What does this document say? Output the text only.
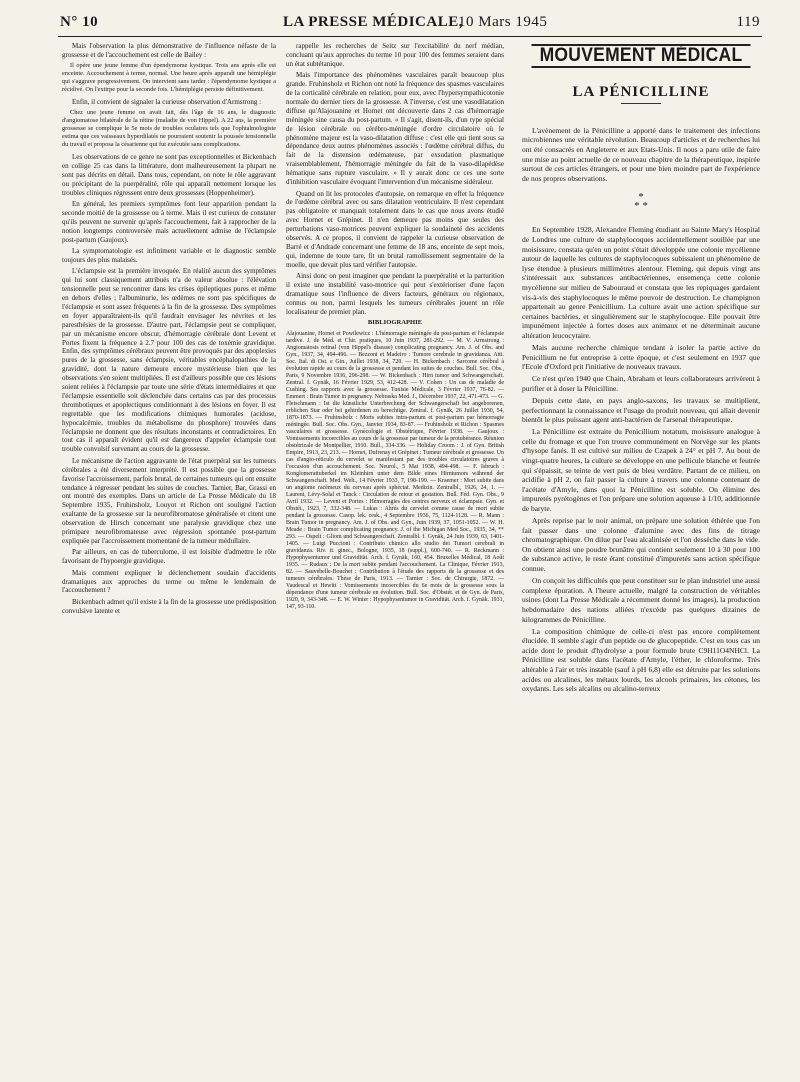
N° 10	LA PRESSE MÉDICALE,
10 Mars 1945	119

Mais l'observation la plus démonstrative de l'influence néfaste de la grossesse et de l'accouchement est celle de Bailey :

Il opère une jeune femme d'un épendymome kystique. Trois ans après elle est enceinte. Accouchement à terme, normal. Une heure après apparaît une hémiplégie qui s'aggrave progressivement. On intervient sans tarder : l'épendymome kystique a récidivé. On l'extirpe pour la seconde fois. L'hémiplégie persiste définitivement.

Enfin, il convient de signaler la curieuse observation d'Armstrong :

Chez une jeune femme on avait fait, dès l'âge de 16 ans, le diagnostic d'angiomatose bilatérale de la rétine (maladie de von Hippel). A 22 ans, la première grossesse se complique le 5e mois de troubles oculaires tels que l'ophtalmologiste estima que ces vaisseaux hyperdilatés ne pourraient soutenir la poussée tensionnelle du travail et proposa la césarienne qui fut exécutée sans complications.

Les observations de ce genre ne sont pas exceptionnelles et Bickenbach en collige 25 cas dans la littérature, dont malheureusement la plupart ne sont pas décrits en détail. Dans tous, cependant, on note le rôle aggravant ou précipitant de la puerpéralité, rôle qui apparaît nettement lorsque les troubles cliniques régressent entre deux grossesses (Hoppenheimer).

En général, les premiers symptômes font leur apparition pendant la seconde moitié de la grossesse ou à terme. Mais il est curieux de constater qu'ils peuvent ne survenir qu'après l'accouchement, fait à rapprocher de la notion longtemps controversée mais actuellement admise de l'éclampsie post-partum (Gaujoux).

La symptomatologie est infiniment variable et le diagnostic semble toujours des plus malaisés.

L'éclampsie est la première invoquée. En réalité aucun des symptômes qui lui sont classiquement attribués n'a de valeur absolue : l'élévation tensionnelle peut se rencontrer dans les crises épileptiques pures et même en dehors d'elles ; l'albuminurie, les œdèmes ne sont pas spécifiques de l'éclampsie et sont assez fréquents à la fin de la grossesse. Des symptômes en foyer apparaîtraient-ils qu'il faudrait envisager les névrites et les paresthésies de la grossesse. D'autre part, l'éclampsie peut se compliquer, par un mécanisme encore obscur, d'hémorragie cérébrale dont Levent et Portes fixent la fréquence à 2.7 pour 100 des cas de toxémie gravidique. Enfin, des symptômes cérébraux peuvent être provoqués par des apoplexies pures de la grossesse, sans éclampsie, véritables encéphalopathies de la gravidité, dont la nature demeure encore mystérieuse bien que les observations s'en soient multipliées. Il est d'ailleurs possible que ces lésions soient reliées à l'éclampsie par toute une série d'états intermédiaires et que l'éclampsie essentielle soit déclenchée dans certains cas par des processus thrombotiques et apoplectiques conditionnant à des lésions en foyer. Il est regrettable que les modifications chimiques humorales (acidose, hypocalcémie, troubles du métabolisme du phosphore) trouvées dans l'éclampsie ne donnent que des résultats inconstants et contradictoires. En tout cas il apparaît évident qu'il est dangereux d'appeler éclampsie tout trouble convulsif survenant au cours de la grossesse.

Le mécanisme de l'action aggravante de l'état puerpéral sur les tumeurs cérébrales a été diversement interprété. Il est possible que la grossesse favorise l'accroissement, parfois brutal, de certaines tumeurs qui ont ensuite tendance à régresser pendant les suites de couches. Tarnier, Bar, Grassi en ont montré des exemples. Dans un article de La Presse Médicale du 18 Septembre 1935, Fruhinsholz, Louyot et Richon ont souligné l'action exaltante de la grossesse sur la neurofibromatose généralisée et citent une observation de Hirsch concernant une paralysie gravidique chez une primipare neurofibromateuse avec régression spontanée post-partum expliquée par l'accroissement momentané de la tumeur médullaire.

Par ailleurs, en cas de tuberculome, il est loisible d'admettre le rôle favorisant de l'hypoergie gravidique.

Mais comment expliquer le déclenchement soudain d'accidents dramatiques aux approches du terme ou même le lendemain de l'accouchement ?

Bickenbach admet qu'il existe à la fin de la grossesse une prédisposition convulsive latente et

rappelle les recherches de Seitz sur l'excitabilité du nerf médian, concluant qu'aux approches du terme 10 pour 100 des femmes seraient dans un état subtétanique.

Mais l'importance des phénomènes vasculaires paraît beaucoup plus grande. Fruhinsholz et Richon ont noté la fréquence des spasmes vasculaires de la corticalité cérébrale en relation, pour eux, avec l'hypersympathicotonie normale du dernier tiers de la grossesse. A l'inverse, c'est une vasodilatation diffuse qu'Alajouanine et Hornet ont découverte dans 2 cas d'hémorragie méningée sine causa du post-partum. « Il s'agit, disent-ils, d'un type spécial de lésion cérébrale ou cérébro-méningée d'ordre circulatoire où le phénomène majeur est la vaso-dilatation diffuse : c'est elle qui tient sous sa dépendance deux autres phénomènes associés : l'œdème cérébral diffus, du fait de la distension œdémateuse, par exsudation plasmatique vraisemblablement, l'hémorragie méningée du fait de la vaso-dilapédèse hématique sans rupture vasculaire. » Il y aurait donc ce ces une sorte d'inhibition vasculaire évoquant l'intervention d'un mécanisme sidéraleur.

Quand on lit les protocoles d'autopsie, on remarque en effet la fréquence de l'œdème cérébral avec ou sans dilatation ventriculaire. Il n'est cependant pas obligatoire et manquait totalement dans le cas que nous avons étudié avec Hornet et Grépinet. Il n'en demeure pas moins que seules des perturbations vaso-motrices peuvent expliquer la soudaineté des accidents observés. A ce propos, il convient de rappeler la curieuse observation de Barré et d'Andrade concernant une femme de 18 ans, enceinte de sept mois, qui, indemne de toute tare, fit un brutal ramollissement segmentaire de la moelle, que devait plus tard vérifier l'autopsie.

Ainsi donc on peut imaginer que pendant la puerpéralité et la parturition il existe une instabilité vaso-motrice qui peut s'extérioriser d'une façon dramatique sous l'influence de divers facteurs, généraux ou régionaux, connus ou non, parmi lesquels les tumeurs cérébrales jouent un rôle localisateur de premier plan.

BIBLIOGRAPHIE

Alajouanine, Hornet et Powilewicz : L'hémorragie méningée du post-partum et l'éclampsie tardive. J. de Méd. et Chir. pratiques, 10 Juin 1937, 281-292. — M. V. Armstrong : Angiomatosis retinal (von Hippel's disease) complicating pregnancy. Am. J. of Obs. and Gyn., 1937, 34, 494-496. — Bezzoni et Madeiro : Tumore cerebrale in gravidanza. Atti. Soc. Ital. di Ost. e Gin., Juillet 1938, 34, 720. — H. Bickenbach : Sarcome cérébral à évolution rapide au cours de la grossesse et pendant les suites de couches. Bull. Soc. Obs., Paris, 9 Novembre 1936, 296-298. — W. Bickenbach : Hirn tumor und Schwangerschaft. Zentral. f. Gynäk, 16 Février 1929, 53, 412-428. — V. Cohen : Un cas de maladie de Cushing. Ses rapports avec la grossesse. Tunisie Médicale, 3 Février 1937, 76-82. — Emmert : Brain Tumor in pregnancy. Nebraska Med. J., Décembre 1937, 22, 471-473. — G. Fleischmann : Ist die künstliche Unterbrechung der Schwangerschaft bei angeborenen, erblichen Star oder bei gehirdenen zu berechtige. Zentral. f. Gynäk, 26 Juillet 1930, 54, 1870-1873. — Fruhinsholz : Morts subites intra-partum et post-partum par hémorragie méningée. Bull. Soc. Obs. Gyn., Janvier 1934, 83-87. — Fruhinsholz et Richon : Spasmes vasculaires et grossesse. Gynécologie et Obstétrique, Février 1938. — Gaujoux : Vomissements incoercibles au cours de la grossesse par tumeur de la protubérance. Réunion obstétricale de Montpellier, 1910. Bull., 334-336. — Holiday Croom : J. of Gyn. British Empire, 1913, 23, 213. — Hornet, Dufrenay et Grépinet : Tumeur cérébrale et grossesse. Un cas d'angio-réticulo du cervelet se manifestant par des troubles circulatoires graves à l'occasion d'un accouchement. Soc. Neurol., 5 Mai 1938, 494-498. — F. Isbruch : Konglomerattuberkel im Kleinhirn unter dem Bilde eines Hirntumors während der Schwangerschaft. Med. Welt., 14 Février 1933, 7, 198-199. — Kraemer : Mort subite dans un angiome racémeux du cerveau après sphéctat. Medizin. Zentralbl., 1926, 24, 1. — Laurent, Lévy-Solal et Tanck : Circulation de retour et gestation. Bull. Féd. Gyn. Obs., 9 Avril 1932. — Levent et Portes : Hémorragies des centres nerveux et éclampsie. Gyn. et Obstét., 1923, 7, 332-348. — Lukas : Ahrés du cervelet comme cause de mort subite pendant la grossesse. Casop. lek. cesk., 4 Septembre 1936, 75, 1124-1128. — R. Mann : Brain Tumor in pregnancy. Am. J. of Obs. and Gyn., Juin 1939, 37, 1051-1052. — W. H. Meade : Brain Tumor complicating pregnancy. J. of the Michigan Med Soc., 1935, 34, ** 293. — Ospelt : Gliom und Schwangerschaft. Zentralbl. f. Gynäk, 24 Juin 1939, 63, 1401-1405. — Luigi Puccioni : Contributo chimico allo studio dei Tumori cerebrali in gravidanza. Riv. it. ginec., Bologne, 1935, 18 (suppl.), 600-740. — R. Reckmann : Hypophysentumor und Gravidität. Arch. f. Gynäk, 160, 454. Bruxelles Médical, 18 Août 1935. — Rudaux : De la mort subite pendant l'accouchement. La Clinique, Février 1913, 82. — Sauvebelle-Bouchet : Contribution à l'étude des rapports de la grossesse et des tumeurs cérébrales. Thèse de Paris, 1913. — Tarnier : Soc. de Chirurgie, 1872. — Vaudescal et Hewitt : Vomissements incoercibles du 6e mois de la grossesse sous la dépendance d'une tumeur cérébrale en évolution. Bull. Soc. d'Obstét. et de Gyn. de Paris, 1920, 9, 343-348. — E. W. Winter : Hypophysentumor in Gravidität. Arch. f. Gynäk. 1931, 147, 93-110.

MOUVEMENT MÉDICAL
LA PÉNICILLINE

L'avènement de la Pénicilline a apporté dans le traitement des infections microbiennes une véritable révolution. Beaucoup d'articles et de recherches lui ont été consacrés en Angleterre et aux Etats-Unis. Il nous a paru utile de faire une mise au point actuelle de ce nouveau chapitre de la thérapeutique, inspirée surtout de ces articles étrangers, et pour une bien moindre part de l'expérience de nos propres observations.

*
* *

En Septembre 1928, Alexandre Fleming étudiant au Sainte Mary's Hospital de Londres une culture de staphylocoques accidentellement souillée par une moisissure, constata qu'en un point s'était développée une colonie mycélienne autour de laquelle les cultures de staphylocoques subissaient un phénomène de lyse étendue à plusieurs millimètres alentour. Fleming, qui depuis vingt ans s'intéressait aux substances antibactériennes, ensemença cette colonie mycélienne sur milieu de Sabouraud et constata que les repiquages gardaient vis-à-vis des staphylocoques le même pouvoir de destruction. Le champignon appartenait au genre Penicillium. La culture avait une action spécifique sur certaines bactéries, et singulièrement sur le staphylocoque. Elle pouvait être impunément injectée à fortes doses aux animaux et ne déterminait aucune altération leucocytaire.

Mais aucune recherche chimique tendant à isoler la partie active du Penicillium ne fut entreprise à cette époque, et c'est seulement en 1937 que l'Ecole d'Oxford prit l'initiative de nouveaux travaux.

Ce n'est qu'en 1940 que Chain, Abraham et leurs collaborateurs arrivèrent à purifier et à doser la Pénicilline.

Depuis cette date, en pays anglo-saxons, les travaux se multiplient, perfectionnant la connaissance et l'usage du produit nouveau, qui allait devenir bientôt le plus puissant agent anti-bactérien de l'arsenal thérapeutique.

La Pénicilline est extraite du Penicillium notatum, moisissure analogue à celle du fromage et que l'on trouve communément en Norvège sur les plants d'hysope fanés. Il est cultivé sur milieu de Czapek à 24° et pH 7. Au bout de vingt-quatre heures, la culture se développe en une pellicule blanche et feutrée qui s'épaissit, se teinte de vert puis de bleu verdâtre. Partant de ce milieu, on acidifie à pH 2, on fait passer la culture à travers une colonne contenant de l'acétate d'Amyle, dans quoi la Pénicilline est soluble. On élimine des impuretés pyrétogènes et l'on prépare une solution aqueuse à 1/10, additionnée de baryte.

Après reprise par le noir animal, on prépare une solution éthérée que l'on fait passer dans une colonne d'alumine avec des fins de titrage chromatographique. On dilue par l'eau alcalinisée et l'on dessèche dans le vide. On obtient ainsi une poudre brunâtre qui contient seulement 10 à 30 pour 100 de substance active, le reste étant constitué d'impuretés sans action spécifique connue.

On conçoit les difficultés que peut constituer sur le plan industriel une aussi complexe épuration. A l'heure actuelle, malgré la construction de véritables usines (dont La Presse Médicale a récemment donné les images), la production hebdomadaire des nations alliées n'excède pas quelques dizaines de kilogrammes de Pénicilline.

La composition chimique de celle-ci n'est pas encore complètement élucidée. Il semble s'agir d'un peptide ou de glucopeptide. C'est en tous cas un acide dont le produit d'hydrolyse a pour formule brute C9H11O4NHCl. La Pénicilline est soluble dans l'acétate d'Amyle, l'éther, le chloroforme. Très altérable à l'air et très instable (sauf à pH 6,8) elle est détruite par les solutions acides ou alcalines, les métaux lourds, les alcools primaires, les cétones, les oxydants. Les sels alcalins ou alcalino-terreux
